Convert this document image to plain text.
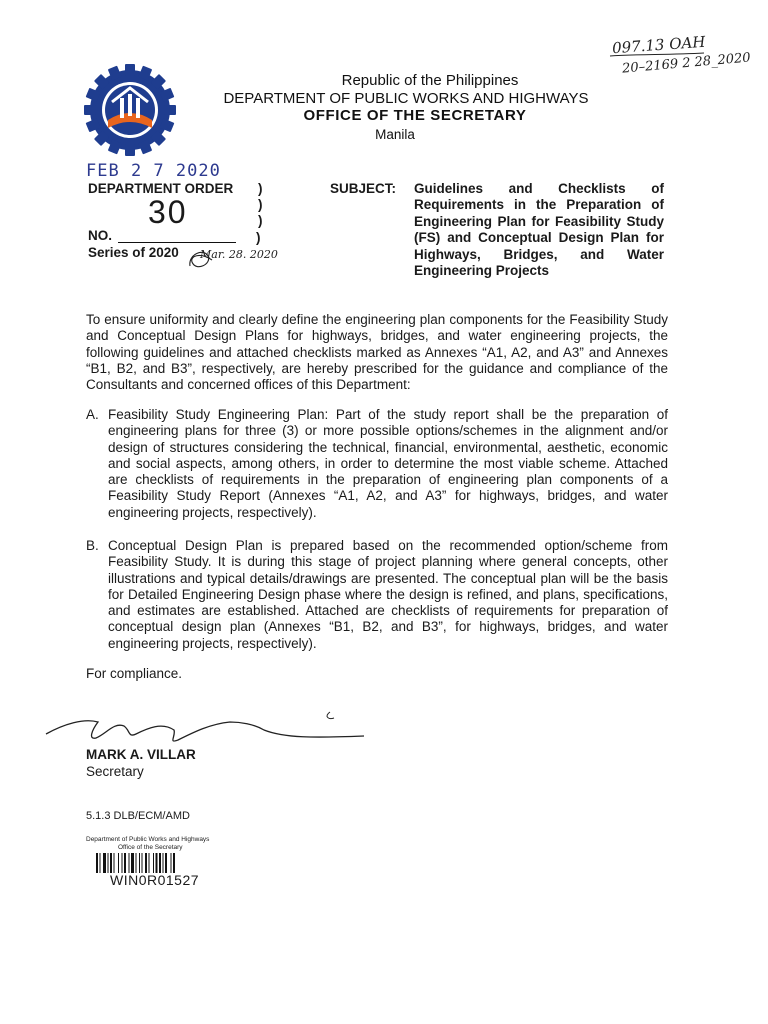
097.13 OAH
20–2169 2 28_2020
Republic of the Philippines
DEPARTMENT OF PUBLIC WORKS AND HIGHWAYS
OFFICE OF THE SECRETARY
Manila
FEB 2 7 2020
DEPARTMENT ORDER )
)
)
)
30
NO.
Series of 2020 Mar. 28. 2020
SUBJECT: Guidelines and Checklists of Requirements in the Preparation of Engineering Plan for Feasibility Study (FS) and Conceptual Design Plan for Highways, Bridges, and Water Engineering Projects
To ensure uniformity and clearly define the engineering plan components for the Feasibility Study and Conceptual Design Plans for highways, bridges, and water engineering projects, the following guidelines and attached checklists marked as Annexes “A1, A2, and A3” and Annexes “B1, B2, and B3”, respectively, are hereby prescribed for the guidance and compliance of the Consultants and concerned offices of this Department:
A. Feasibility Study Engineering Plan: Part of the study report shall be the preparation of engineering plans for three (3) or more possible options/schemes in the alignment and/or design of structures considering the technical, financial, environmental, aesthetic, economic and social aspects, among others, in order to determine the most viable scheme. Attached are checklists of requirements in the preparation of engineering plan components of a Feasibility Study Report (Annexes “A1, A2, and A3” for highways, bridges, and water engineering projects, respectively).
B. Conceptual Design Plan is prepared based on the recommended option/scheme from Feasibility Study. It is during this stage of project planning where general concepts, other illustrations and typical details/drawings are presented. The conceptual plan will be the basis for Detailed Engineering Design phase where the design is refined, and plans, specifications, and estimates are established. Attached are checklists of requirements for preparation of conceptual design plan (Annexes “B1, B2, and B3”, for highways, bridges, and water engineering projects, respectively).
For compliance.
MARK A. VILLAR
Secretary
5.1.3 DLB/ECM/AMD
Department of Public Works and Highways
Office of the Secretary
WIN0R01527
